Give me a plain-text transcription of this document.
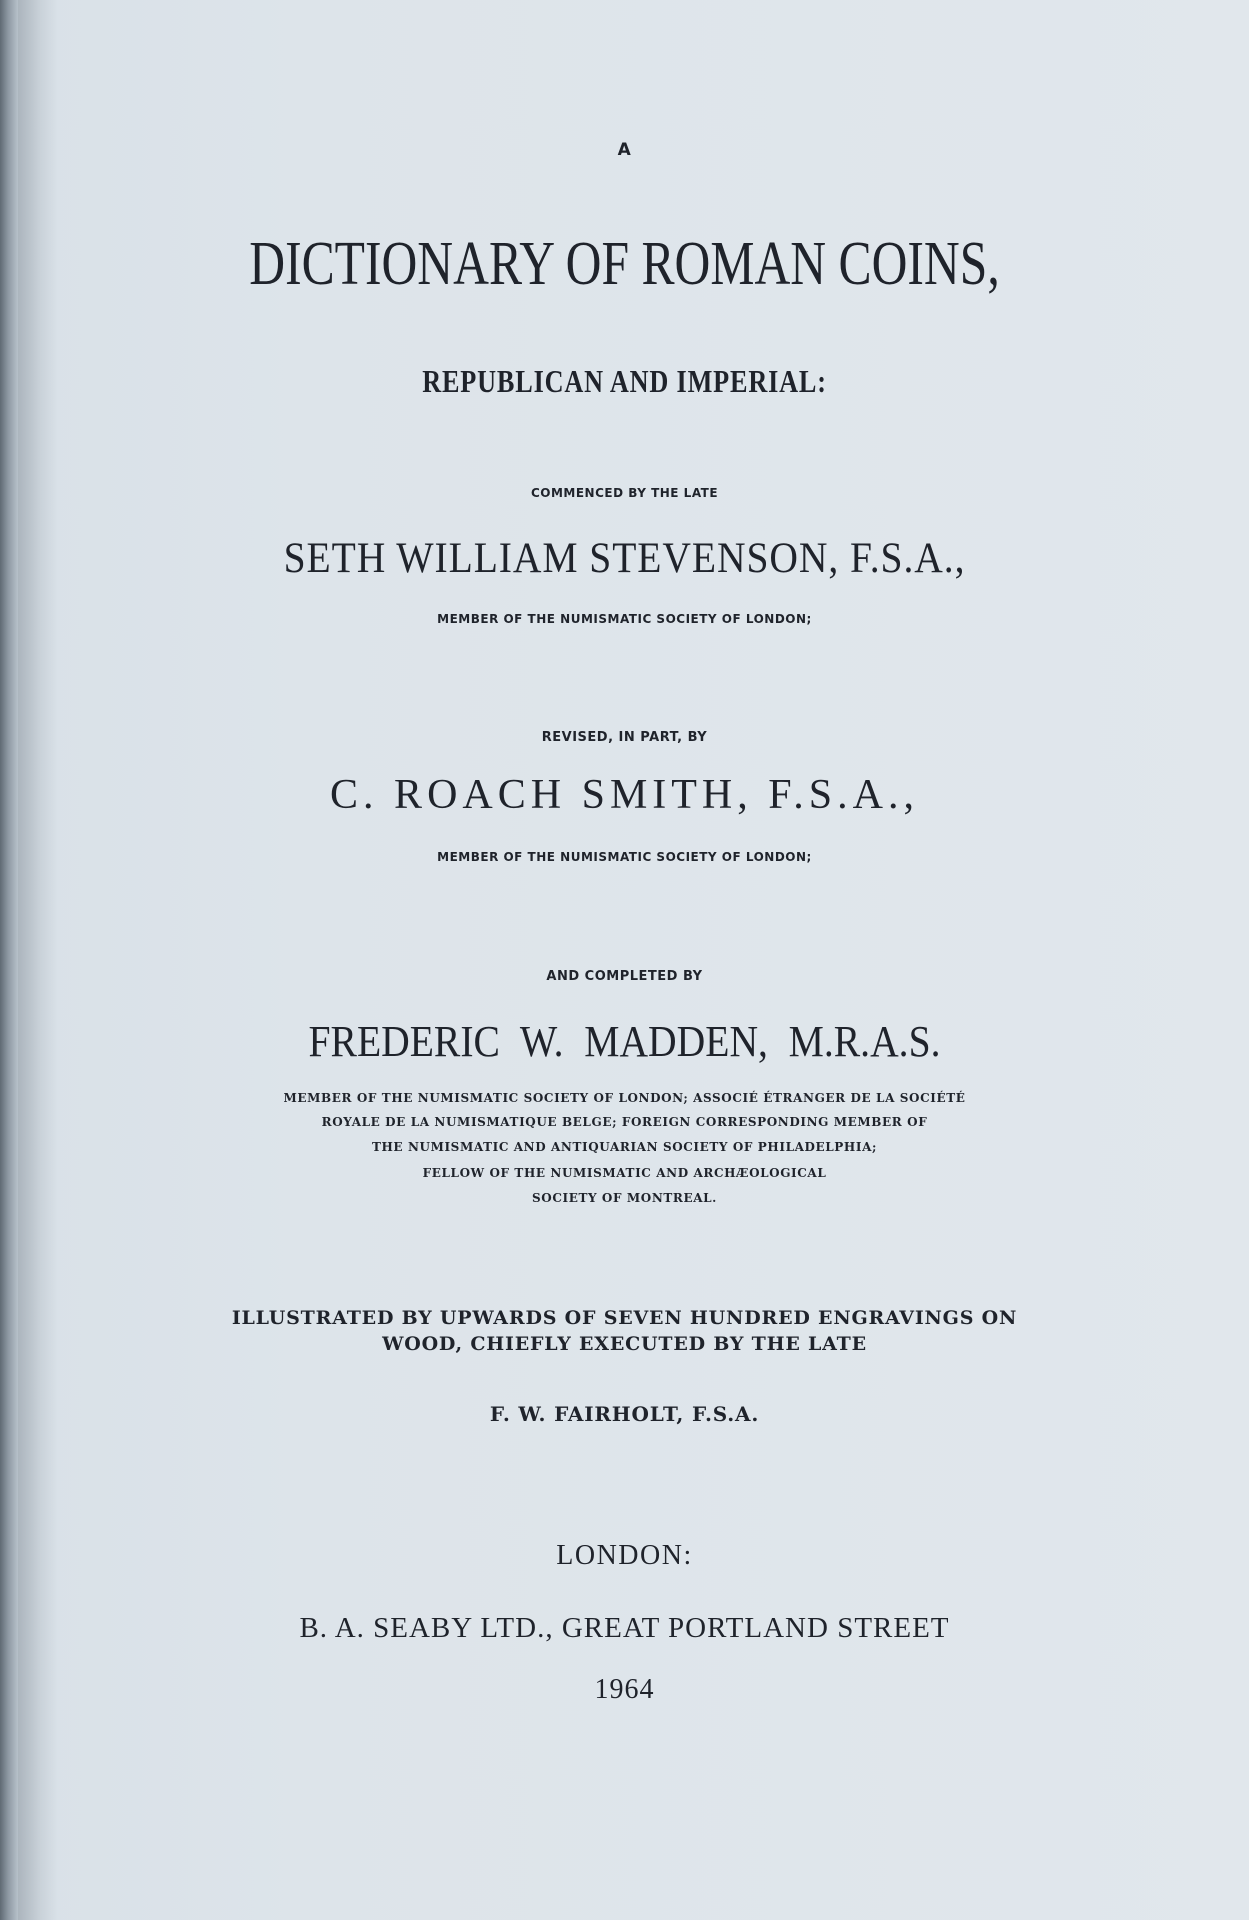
A
DICTIONARY OF ROMAN COINS,
REPUBLICAN AND IMPERIAL:
COMMENCED BY THE LATE
SETH WILLIAM STEVENSON, F.S.A.,
MEMBER OF THE NUMISMATIC SOCIETY OF LONDON;
REVISED, IN PART, BY
C. ROACH SMITH, F.S.A.,
MEMBER OF THE NUMISMATIC SOCIETY OF LONDON;
AND COMPLETED BY
FREDERIC W. MADDEN, M.R.A.S.
MEMBER OF THE NUMISMATIC SOCIETY OF LONDON; ASSOCIÉ ÉTRANGER DE LA SOCIÉTÉ
ROYALE DE LA NUMISMATIQUE BELGE; FOREIGN CORRESPONDING MEMBER OF
THE NUMISMATIC AND ANTIQUARIAN SOCIETY OF PHILADELPHIA;
FELLOW OF THE NUMISMATIC AND ARCHÆOLOGICAL
SOCIETY OF MONTREAL.
ILLUSTRATED BY UPWARDS OF SEVEN HUNDRED ENGRAVINGS ON
WOOD, CHIEFLY EXECUTED BY THE LATE
F. W. FAIRHOLT, F.S.A.
LONDON:
B. A. SEABY LTD., GREAT PORTLAND STREET
1964
